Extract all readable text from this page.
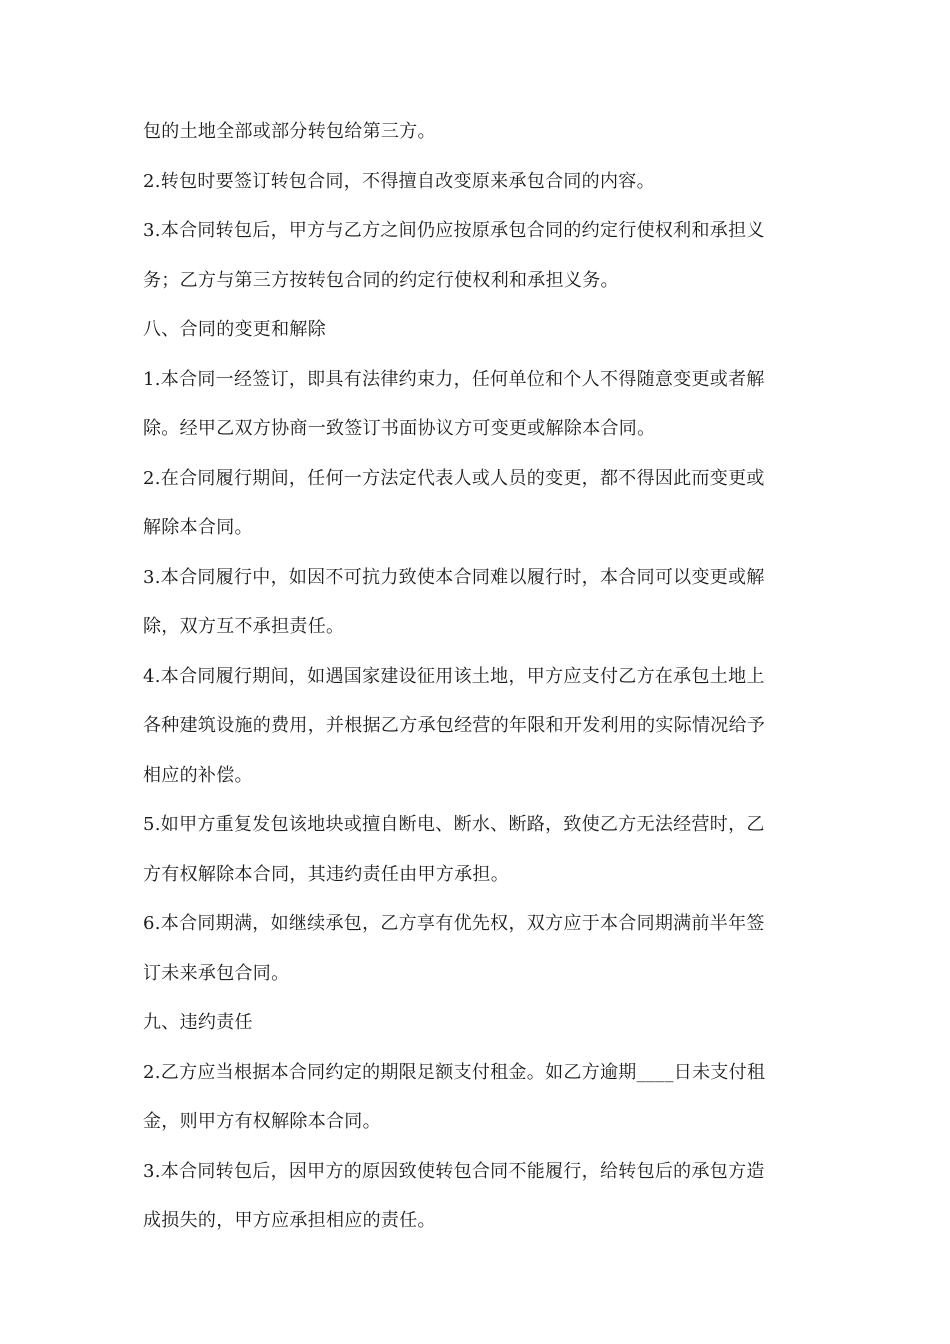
包的土地全部或部分转包给第三方。
2.转包时要签订转包合同，不得擅自改变原来承包合同的内容。
3.本合同转包后，甲方与乙方之间仍应按原承包合同的约定行使权利和承担义
务；乙方与第三方按转包合同的约定行使权利和承担义务。
八、合同的变更和解除
1.本合同一经签订，即具有法律约束力，任何单位和个人不得随意变更或者解
除。经甲乙双方协商一致签订书面协议方可变更或解除本合同。
2.在合同履行期间，任何一方法定代表人或人员的变更，都不得因此而变更或
解除本合同。
3.本合同履行中，如因不可抗力致使本合同难以履行时，本合同可以变更或解
除，双方互不承担责任。
4.本合同履行期间，如遇国家建设征用该土地，甲方应支付乙方在承包土地上
各种建筑设施的费用，并根据乙方承包经营的年限和开发利用的实际情况给予
相应的补偿。
5.如甲方重复发包该地块或擅自断电、断水、断路，致使乙方无法经营时，乙
方有权解除本合同，其违约责任由甲方承担。
6.本合同期满，如继续承包，乙方享有优先权，双方应于本合同期满前半年签
订未来承包合同。
九、违约责任
2.乙方应当根据本合同约定的期限足额支付租金。如乙方逾期____日未支付租
金，则甲方有权解除本合同。
3.本合同转包后，因甲方的原因致使转包合同不能履行，给转包后的承包方造
成损失的，甲方应承担相应的责任。
